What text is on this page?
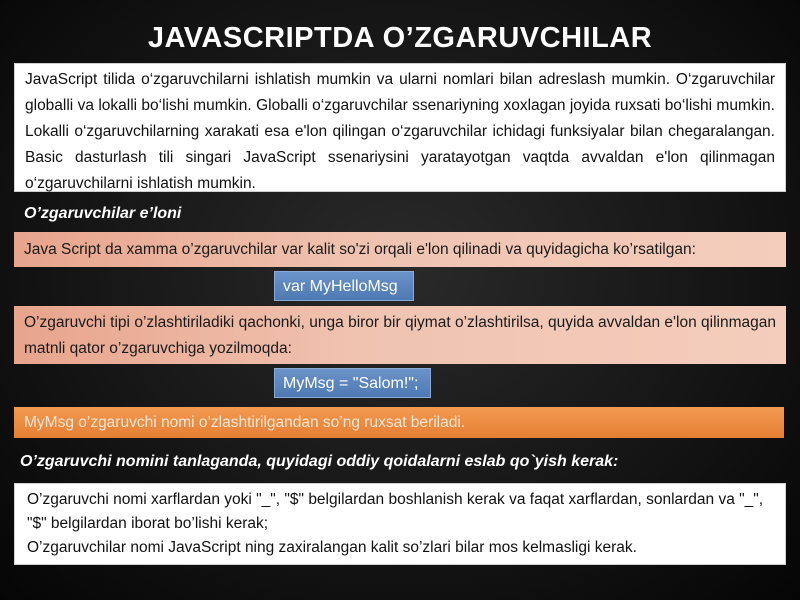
JAVASCRIPTDA O’ZGARUVCHILAR
JavaScript tilida o‘zgaruvchilarni ishlatish mumkin va ularni nomlari bilan adreslash mumkin. O‘zgaruvchilar globalli va lokalli bo‘lishi mumkin. Globalli o‘zgaruvchilar ssenariyning xoxlagan joyida ruxsati bo‘lishi mumkin. Lokalli o‘zgaruvchilarning xarakati esa e'lon qilingan o‘zgaruvchilar ichidagi funksiyalar bilan chegaralangan. Basic dasturlash tili singari JavaScript ssenariysini yaratayotgan vaqtda avvaldan e'lon qilinmagan o‘zgaruvchilarni ishlatish mumkin.
O’zgaruvchilar e’loni
Java Script da xamma o’zgaruvchilar var kalit so'zi orqali e'lon qilinadi va quyidagicha ko’rsatilgan:
var MyHelloMsg
O’zgaruvchi tipi o’zlashtiriladiki qachonki, unga biror bir qiymat o’zlashtirilsa, quyida avvaldan e'lon qilinmagan matnli qator o’zgaruvchiga yozilmoqda:
MyMsg = "Salom!";
MyMsg o’zgaruvchi nomi o’zlashtirilgandan so’ng ruxsat beriladi.
O’zgaruvchi nomini tanlaganda, quyidagi oddiy qoidalarni eslab qo`yish kerak:

O’zgaruvchi nomi xarflardan yoki "_", "$" belgilardan boshlanish kerak va faqat xarflardan, sonlardan va "_", "$" belgilardan iborat bo’lishi kerak;

O’zgaruvchilar nomi JavaScript ning zaxiralangan kalit so’zlari bilar mos kelmasligi kerak.
